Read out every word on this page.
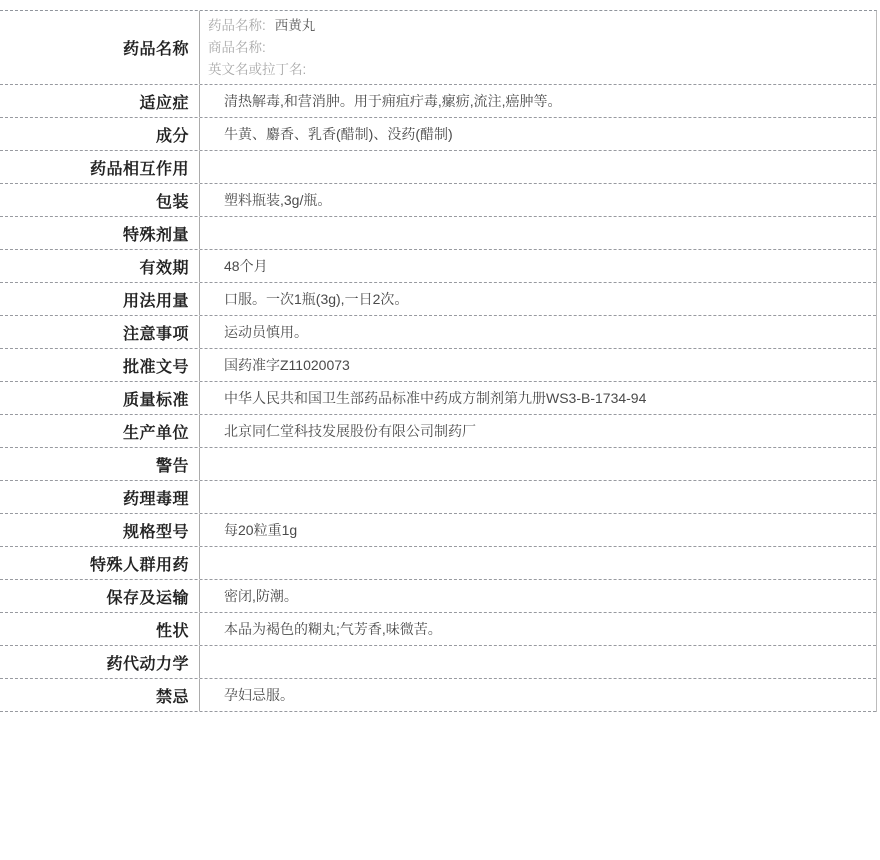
药品名称
药品名称: 西黄丸
商品名称:
英文名或拉丁名:
适应症	清热解毒,和营消肿。用于痈疽疔毒,瘰疬,流注,癌肿等。
成分	牛黄、麝香、乳香(醋制)、没药(醋制)
药品相互作用
包装	塑料瓶装,3g/瓶。
特殊剂量
有效期	48个月
用法用量	口服。一次1瓶(3g),一日2次。
注意事项	运动员慎用。
批准文号	国药准字Z11020073
质量标准	中华人民共和国卫生部药品标准中药成方制剂第九册WS3-B-1734-94
生产单位	北京同仁堂科技发展股份有限公司制药厂
警告
药理毒理
规格型号	每20粒重1g
特殊人群用药
保存及运输	密闭,防潮。
性状	本品为褐色的糊丸;气芳香,味微苦。
药代动力学
禁忌	孕妇忌服。
